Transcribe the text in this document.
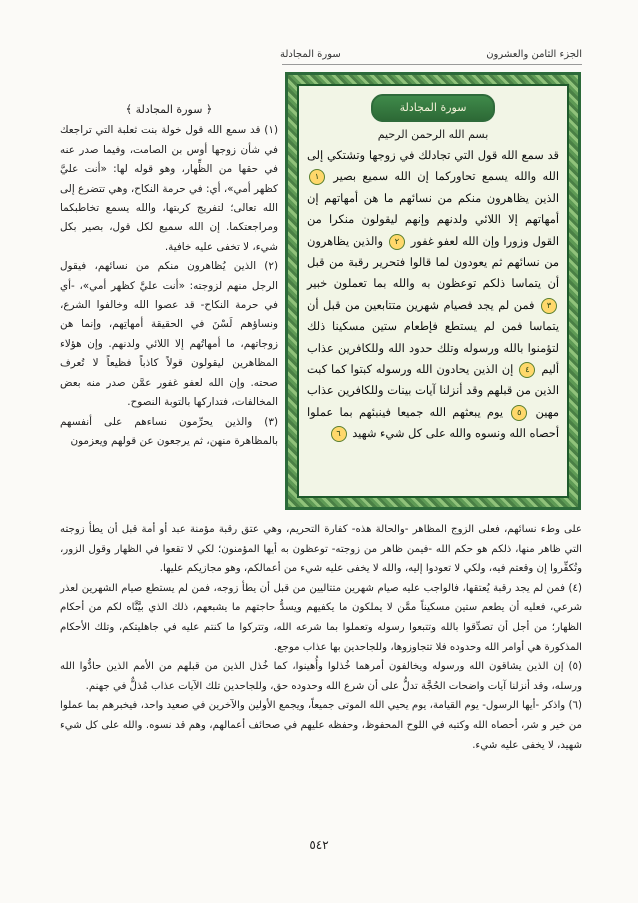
الجزء الثامن والعشرون
سورة المجادلة
سورة المجادلة
بسم الله الرحمن الرحيم
قد سمع الله قول التي تجادلك في زوجها وتشتكي إلى الله والله يسمع تحاوركما إن الله سميع بصير ١ الذين يظاهرون منكم من نسائهم ما هن أمهاتهم إن أمهاتهم إلا اللائي ولدنهم وإنهم ليقولون منكرا من القول وزورا وإن الله لعفو غفور ٢ والذين يظاهرون من نسائهم ثم يعودون لما قالوا فتحرير رقبة من قبل أن يتماسا ذلكم توعظون به والله بما تعملون خبير ٣ فمن لم يجد فصيام شهرين متتابعين من قبل أن يتماسا فمن لم يستطع فإطعام ستين مسكينا ذلك لتؤمنوا بالله ورسوله وتلك حدود الله وللكافرين عذاب أليم ٤ إن الذين يحادون الله ورسوله كبتوا كما كبت الذين من قبلهم وقد أنزلنا آيات بينات وللكافرين عذاب مهين ٥ يوم يبعثهم الله جميعا فينبئهم بما عملوا أحصاه الله ونسوه والله على كل شيء شهيد ٦
﴿ سورة المجادلة ﴾
(١) قد سمع الله قول خولة بنت ثعلبة التي تراجعك في شأن زوجها أوس بن الصامت، وفيما صدر عنه في حقها من الظِّهار، وهو قوله لها: «أنت عليَّ كظهر أمي»، أي: في حرمة النكاح، وهي تتضرع إلى الله تعالى؛ لتفريج كربتها، والله يسمع تخاطبكما ومراجعتكما. إن الله سميع لكل قول، بصير بكل شيء، لا تخفى عليه خافية.
(٢) الذين يُظاهرون منكم من نسائهم، فيقول الرجل منهم لزوجته: «أنت عليَّ كظهر أمي»، -أي في حرمة النكاح- قد عصوا الله وخالفوا الشرع، ونساؤهم لَسْنَ في الحقيقة أمهاتِهم، وإنما هن زوجاتهم، ما أمهاتُهم إلا اللائي ولدنهم. وإن هؤلاء المظاهرين ليقولون قولاً كاذباً فظيعاً لا تُعرف صحته. وإن الله لعفو غفور عمَّن صدر منه بعض المخالفات، فتداركها بالتوبة النصوح.
(٣) والذين يحرِّمون نساءهم على أنفسهم بالمظاهرة منهن، ثم يرجعون عن قولهم ويعزمون

على وطء نسائهم، فعلى الزوج المظاهر -والحالة هذه- كفارة التحريم، وهي عتق رقبة مؤمنة عبد أو أمة قبل أن يطأ زوجته التي ظاهر منها، ذلكم هو حكم الله -فيمن ظاهر من زوجته- توعظون به أيها المؤمنون؛ لكي لا تقعوا في الظهار وقول الزور، وتُكفِّروا إن وقعتم فيه، ولكي لا تعودوا إليه، والله لا يخفى عليه شيء من أعمالكم، وهو مجازيكم عليها.

(٤) فمن لم يجد رقبة يُعتقها، فالواجب عليه صيام شهرين متتاليين من قبل أن يطأ زوجه، فمن لم يستطع صيام الشهرين لعذر شرعي، فعليه أن يطعم ستين مسكيناً ممَّن لا يملكون ما يكفيهم ويسدُّ حاجتهم ما يشبعهم، ذلك الذي بيَّنَّاه لكم من أحكام الظهار؛ من أجل أن تصدِّقوا بالله وتتبعوا رسوله وتعملوا بما شرعه الله، وتتركوا ما كنتم عليه في جاهليتكم، وتلك الأحكام المذكورة هي أوامر الله وحدوده فلا تتجاوزوها، وللجاحدين بها عذاب موجع.

(٥) إن الذين يشاقون الله ورسوله ويخالفون أمرهما خُذلوا وأُهينوا، كما خُذل الذين من قبلهم من الأمم الذين حادُّوا الله ورسله، وقد أنزلنا آيات واضحات الحُجَّة تدلُّ على أن شرع الله وحدوده حق، وللجاحدين تلك الآيات عذاب مُذلٌّ في جهنم.

(٦) واذكر -أيها الرسول- يوم القيامة، يوم يحيي الله الموتى جميعاً، ويجمع الأولين والآخرين في صعيد واحد، فيخبرهم بما عملوا من خير و شر، أحصاه الله وكتبه في اللوح المحفوظ، وحفظه عليهم في صحائف أعمالهم، وهم قد نسوه. والله على كل شيء شهيد، لا يخفى عليه شيء.

٥٤٢
